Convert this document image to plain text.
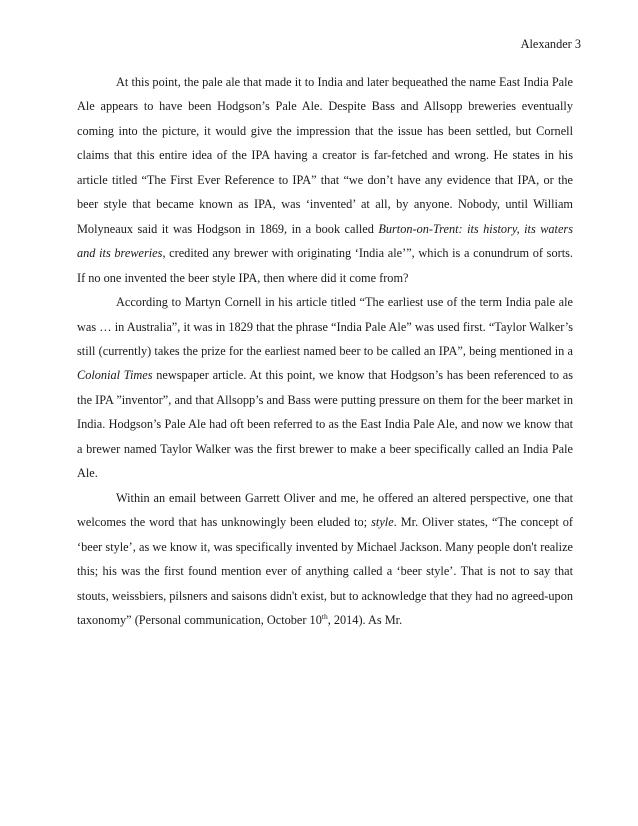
Alexander 3

At this point, the pale ale that made it to India and later bequeathed the name East India Pale Ale appears to have been Hodgson’s Pale Ale. Despite Bass and Allsopp breweries eventually coming into the picture, it would give the impression that the issue has been settled, but Cornell claims that this entire idea of the IPA having a creator is far-fetched and wrong. He states in his article titled “The First Ever Reference to IPA” that “we don’t have any evidence that IPA, or the beer style that became known as IPA, was ‘invented’ at all, by anyone. Nobody, until William Molyneaux said it was Hodgson in 1869, in a book called Burton-on-Trent: its history, its waters and its breweries, credited any brewer with originating ‘India ale’”, which is a conundrum of sorts. If no one invented the beer style IPA, then where did it come from?

According to Martyn Cornell in his article titled “The earliest use of the term India pale ale was … in Australia”, it was in 1829 that the phrase “India Pale Ale” was used first. “Taylor Walker’s still (currently) takes the prize for the earliest named beer to be called an IPA”, being mentioned in a Colonial Times newspaper article. At this point, we know that Hodgson’s has been referenced to as the IPA ”inventor”, and that Allsopp’s and Bass were putting pressure on them for the beer market in India. Hodgson’s Pale Ale had oft been referred to as the East India Pale Ale, and now we know that a brewer named Taylor Walker was the first brewer to make a beer specifically called an India Pale Ale.

Within an email between Garrett Oliver and me, he offered an altered perspective, one that welcomes the word that has unknowingly been eluded to; style. Mr. Oliver states, “The concept of ‘beer style’, as we know it, was specifically invented by Michael Jackson. Many people don't realize this; his was the first found mention ever of anything called a ‘beer style’. That is not to say that stouts, weissbiers, pilsners and saisons didn't exist, but to acknowledge that they had no agreed-upon taxonomy” (Personal communication, October 10th, 2014). As Mr.
